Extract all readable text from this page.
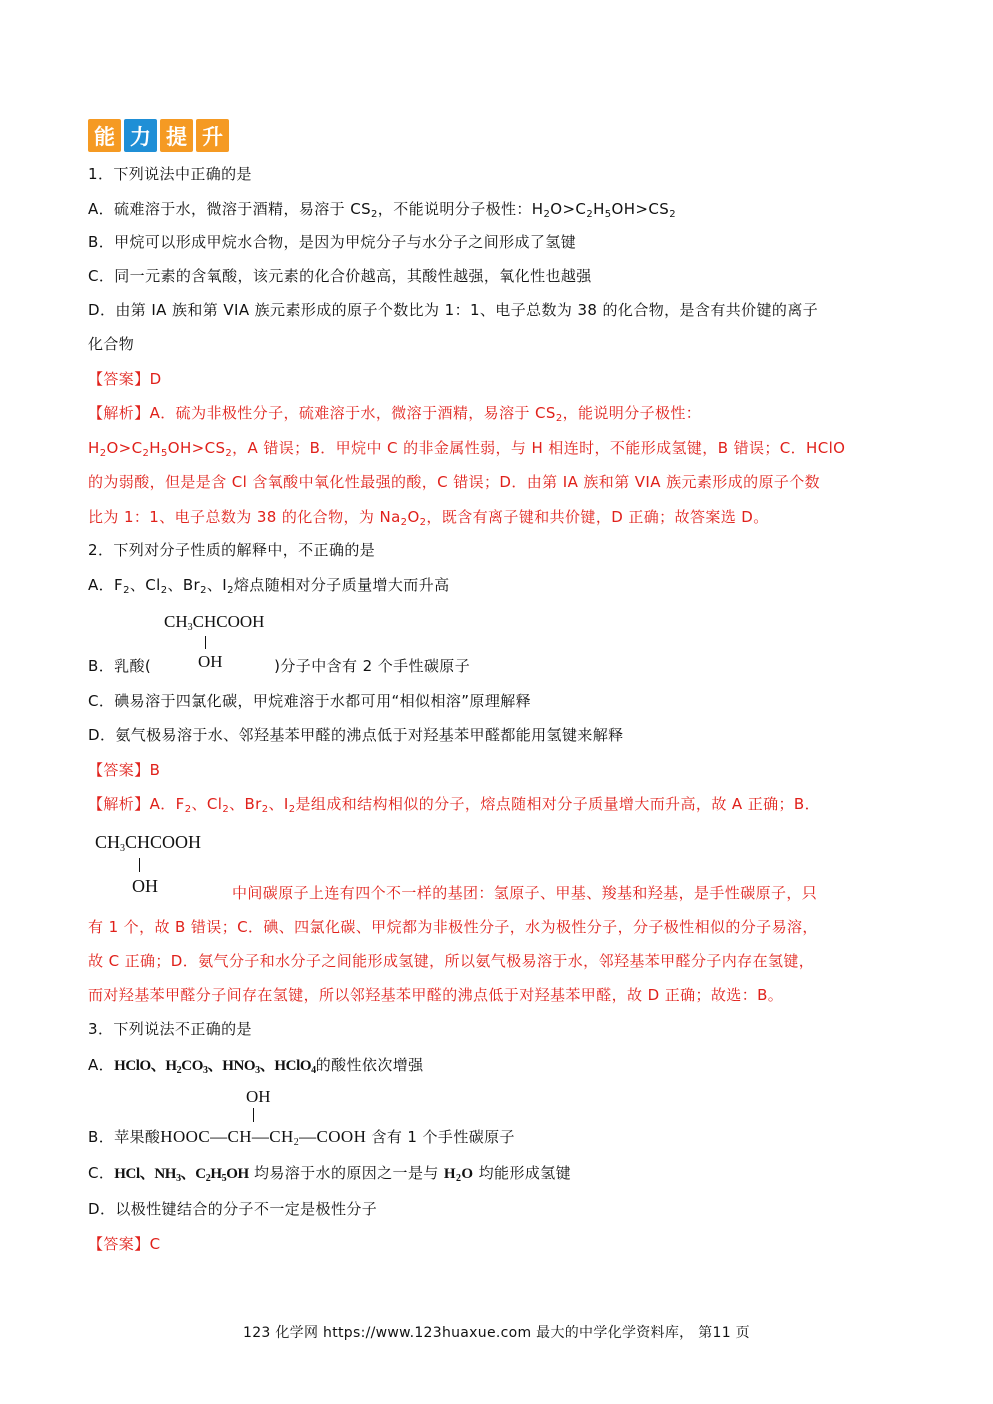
能 力 提 升
1．下列说法中正确的是
A．硫难溶于水，微溶于酒精，易溶于 $CS_2$，不能说明分子极性：$H_2O>C_2H_5OH>CS_2$
B．甲烷可以形成甲烷水合物，是因为甲烷分子与水分子之间形成了氢键
C．同一元素的含氧酸，该元素的化合价越高，其酸性越强，氧化性也越强
D．由第 IA 族和第 VIA 族元素形成的原子个数比为 1：1、电子总数为 38 的化合物，是含有共价键的离子
化合物
【答案】D
【解析】A．硫为非极性分子，硫难溶于水，微溶于酒精，易溶于 $CS_2$，能说明分子极性：
$H_2O>C_2H_5OH>CS_2$，A 错误；B．甲烷中 C 的非金属性弱，与 H 相连时，不能形成氢键，B 错误；C．HClO
的为弱酸，但是是含 Cl 含氧酸中氧化性最强的酸，C 错误；D．由第 IA 族和第 VIA 族元素形成的原子个数
比为 1：1、电子总数为 38 的化合物，为 $Na_2O_2$，既含有离子键和共价键，D 正确；故答案选 D。
2．下列对分子性质的解释中，不正确的是
A．$F_2$、$Cl_2$、$Br_2$、$I_2$熔点随相对分子质量增大而升高
$CH_3CHCOOH$
OH
B．乳酸(	)分子中含有 2 个手性碳原子
C．碘易溶于四氯化碳，甲烷难溶于水都可用“相似相溶”原理解释
D．氨气极易溶于水、邻羟基苯甲醛的沸点低于对羟基苯甲醛都能用氢键来解释
【答案】B
【解析】A．$F_2$、$Cl_2$、$Br_2$、$I_2$是组成和结构相似的分子，熔点随相对分子质量增大而升高，故 A 正确；B．
$CH_3CHCOOH$
OH	中间碳原子上连有四个不一样的基团：氢原子、甲基、羧基和羟基，是手性碳原子，只
有 1 个，故 B 错误；C．碘、四氯化碳、甲烷都为非极性分子，水为极性分子，分子极性相似的分子易溶，
故 C 正确；D．氨气分子和水分子之间能形成氢键，所以氨气极易溶于水，邻羟基苯甲醛分子内存在氢键，
而对羟基苯甲醛分子间存在氢键，所以邻羟基苯甲醛的沸点低于对羟基苯甲醛，故 D 正确；故选：B。
3．下列说法不正确的是
A．HClO、$H_2CO_3$、$HNO_3$、HClO$_4$的酸性依次增强
OH
B．苹果酸$HOOC—CH—CH_2—COOH$ 含有 1 个手性碳原子
C．HCl、$NH_3$、$C_2H_5OH$ 均易溶于水的原因之一是与 $H_2O$ 均能形成氢键
D．以极性键结合的分子不一定是极性分子
【答案】C
123 化学网 https://www.123huaxue.com 最大的中学化学资料库， 第11 页
